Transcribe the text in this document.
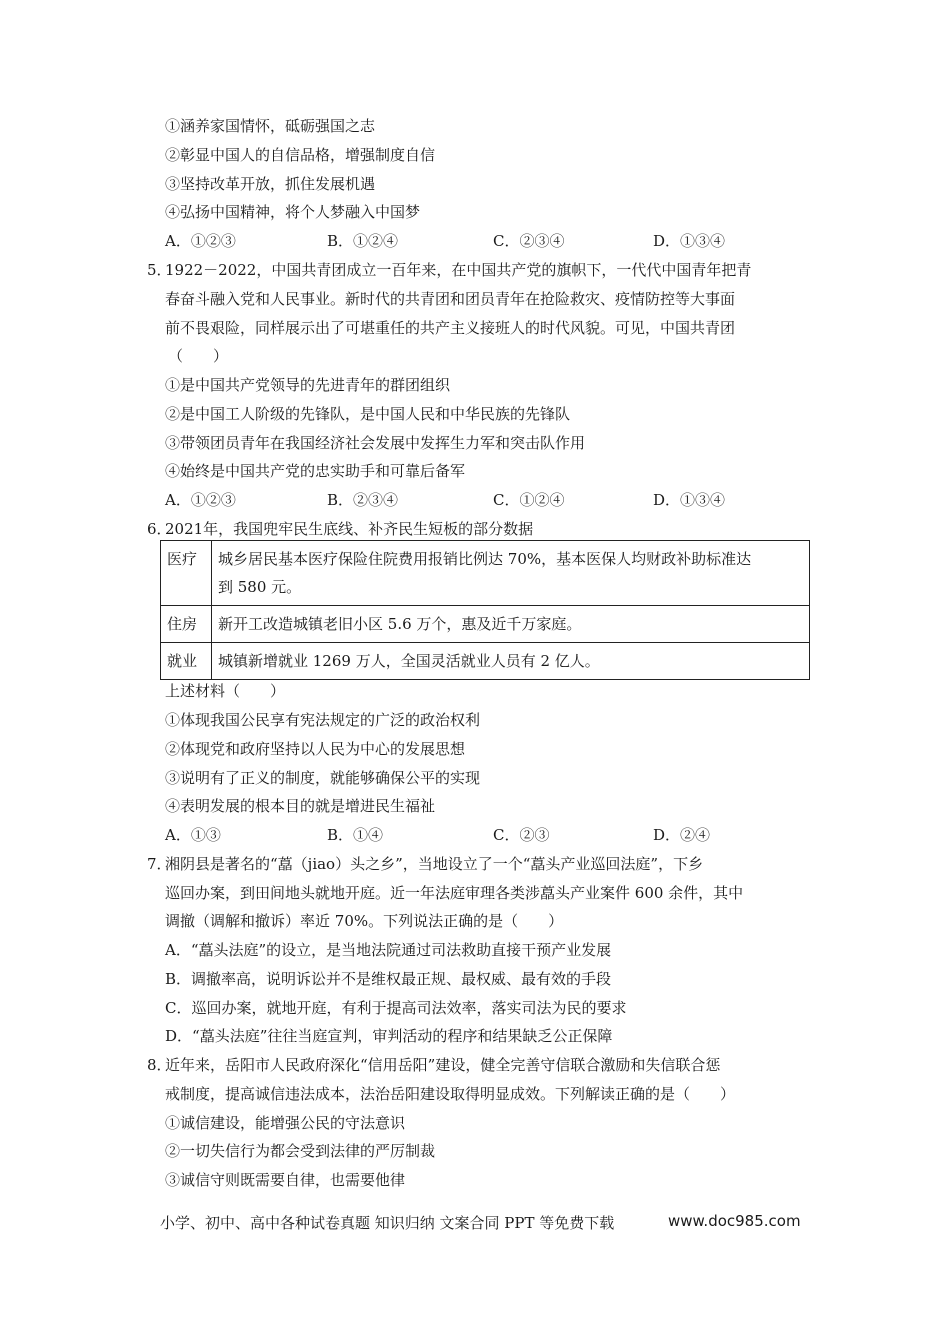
①涵养家国情怀，砥砺强国之志
②彰显中国人的自信品格，增强制度自信
③坚持改革开放，抓住发展机遇
④弘扬中国精神，将个人梦融入中国梦
A．①②③	B．①②④	C．②③④	D．①③④
5．
1922－2022，中国共青团成立一百年来，在中国共产党的旗帜下，一代代中国青年把青
春奋斗融入党和人民事业。新时代的共青团和团员青年在抢险救灾、疫情防控等大事面
前不畏艰险，同样展示出了可堪重任的共产主义接班人的时代风貌。可见，中国共青团
（　　）
①是中国共产党领导的先进青年的群团组织
②是中国工人阶级的先锋队，是中国人民和中华民族的先锋队
③带领团员青年在我国经济社会发展中发挥生力军和突击队作用
④始终是中国共产党的忠实助手和可靠后备军
A．①②③	B．②③④	C．①②④	D．①③④
6．
2021年，我国兜牢民生底线、补齐民生短板的部分数据
医疗	城乡居民基本医疗保险住院费用报销比例达 70%，基本医保人均财政补助标准达
到 580 元。

住房	新开工改造城镇老旧小区 5.6 万个，惠及近千万家庭。

就业	城镇新增就业 1269 万人，全国灵活就业人员有 2 亿人。
上述材料（　　）
①体现我国公民享有宪法规定的广泛的政治权利
②体现党和政府坚持以人民为中心的发展思想
③说明有了正义的制度，就能够确保公平的实现
④表明发展的根本目的就是增进民生福祉
A．①③	B．①④	C．②③	D．②④
7．
湘阴县是著名的“藠（jiao）头之乡”，当地设立了一个“藠头产业巡回法庭”，下乡
巡回办案，到田间地头就地开庭。近一年法庭审理各类涉藠头产业案件 600 余件，其中
调撤（调解和撤诉）率近 70%。下列说法正确的是（　　）
A．“藠头法庭”的设立，是当地法院通过司法救助直接干预产业发展
B．调撤率高，说明诉讼并不是维权最正规、最权威、最有效的手段
C．巡回办案，就地开庭，有利于提高司法效率，落实司法为民的要求
D．“藠头法庭”往往当庭宣判，审判活动的程序和结果缺乏公正保障
8．
近年来，岳阳市人民政府深化“信用岳阳”建设，健全完善守信联合激励和失信联合惩
戒制度，提高诚信违法成本，法治岳阳建设取得明显成效。下列解读正确的是（　　）
①诚信建设，能增强公民的守法意识
②一切失信行为都会受到法律的严厉制裁
③诚信守则既需要自律，也需要他律
小学、初中、高中各种试卷真题 知识归纳 文案合同 PPT 等免费下载	www.doc985.com
